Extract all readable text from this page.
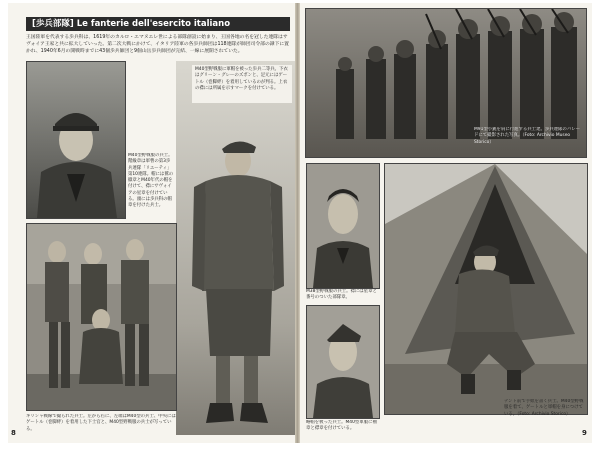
[歩兵部隊] Le fanterie dell'esercito italiano
王国陸軍を代表する歩兵科は、1619年のカルロ・エマヌエレ世による部隊創設に始まり、王国各地の名を冠した連隊はサヴォイア王家と共に拡大していった。第二次大戦にかけて、イタリア陸軍の各歩兵師団は118連隊が師団司令部の隷下に置かれ、1940年6月の開戦時までに43個歩兵師団と9個山岳歩兵師団が完結、一線に展開されていた。
M40型野戦服に軍帽を被った歩兵二等兵。下衣はグリーン・グレーのズボンと、足元にはゲートル（巻脚絆）を着用しているのが判る。上衣の襟には所属を示すマークを付けている。
M40型野戦服の兵士。階級章は軍曹の第3歩兵連隊「リエーティ」第10連隊。帽には鷲の徽章とM40年代の帽を付けて、襟にサヴォイアの星章を付けている。頭には歩兵科の帽章を付けた兵士。
ギリシャ戦線で撮られた兵士。左から右に、左端はM40型の兵士、中央にはゲートル（巻脚絆）を着用した下士官と、M40型野戦服の兵士が写っている。
8
M91型小銃を肩に行進する兵士達。歩兵連隊のパレードにて撮影された写真。（Foto: Archivio Museo Storico）
M38型野戦服の兵士。襟には星章と番号のついた部隊章。
略帽を被った兵士。M40型軍服に袖章と襟章を付けている。
テント前で手紙を書く兵士。M40型野戦服を着て、ゲートルと軍帽を身につけている。（Foto: Archivio Storico）
9
